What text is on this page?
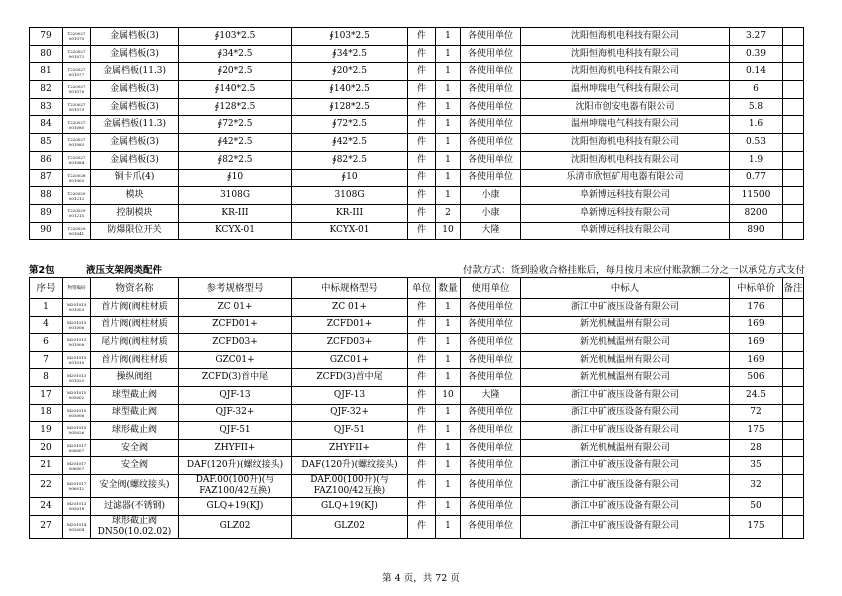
79	T220027 001070	金属档板(3)	∮103*2.5	∮103*2.5	件	1	各使用单位	沈阳恒海机电科技有限公司	3.27	
80	T220027 001072	金属档板(3)	∮34*2.5	∮34*2.5	件	1	各使用单位	沈阳恒海机电科技有限公司	0.39	
81	T220027 001077	金属档板(11.3)	∮20*2.5	∮20*2.5	件	1	各使用单位	沈阳恒海机电科技有限公司	0.14	
82	T220027 001078	金属档板(3)	∮140*2.5	∮140*2.5	件	1	各使用单位	温州坤瑞电气科技有限公司	6	
83	T220027 001079	金属档板(3)	∮128*2.5	∮128*2.5	件	1	各使用单位	沈阳市创安电器有限公司	5.8	
84	T220027 001080	金属档板(11.3)	∮72*2.5	∮72*2.5	件	1	各使用单位	温州坤瑞电气科技有限公司	1.6	
85	T220027 001083	金属档板(3)	∮42*2.5	∮42*2.5	件	1	各使用单位	沈阳恒海机电科技有限公司	0.53	
86	T220027 001084	金属档板(3)	∮82*2.5	∮82*2.5	件	1	各使用单位	沈阳恒海机电科技有限公司	1.9	
87	T220028 001003	铜卡爪(4)	∮10	∮10	件	1	各使用单位	乐清市欣恒矿用电器有限公司	0.77	
88	T220029 001212	模块	3108G	3108G	件	1	小康	阜新博远科技有限公司	11500	
89	T220029 001215	控制模块	KR-III	KR-III	件	2	小康	阜新博远科技有限公司	8200	
90	T220029 001041	防爆限位开关	KCYX-01	KCYX-01	件	10	大隆	阜新博远科技有限公司	890	
第2包	液压支架阀类配件	付款方式：货到验收合格挂账后，每月按月末应付账款额二分之一以承兑方式支付
序号	物资编码	物资名称	参考规格型号	中标规格型号	单位	数量	使用单位	中标人	中标单价	备注
1	M201013 001003	首片阀(阀柱材质	ZC 01+	ZC 01+	件	1	各使用单位	浙江中矿液压设备有限公司	176	
4	M201013 001006	首片阀(阀柱材质	ZCFD01+	ZCFD01+	件	1	各使用单位	新光机械温州有限公司	169	
6	M201013 001008	尾片阀(阀柱材质	ZCFD03+	ZCFD03+	件	1	各使用单位	新光机械温州有限公司	169	
7	M201013 001010	首片阀(阀柱材质	GZC01+	GZC01+	件	1	各使用单位	新光机械温州有限公司	169	
8	M201013 001025	操纵阀组	ZCFD(3)首中尾	ZCFD(3)首中尾	件	1	各使用单位	新光机械温州有限公司	506	
17	M201015 005002	球型截止阀	QJF-13	QJF-13	件	10	大隆	浙江中矿液压设备有限公司	24.5	
18	M201015 005006	球型截止阀	QJF-32+	QJF-32+	件	1	各使用单位	浙江中矿液压设备有限公司	72	
19	M201015 005026	球形截止阀	QJF-51	QJF-51	件	1	各使用单位	浙江中矿液压设备有限公司	175	
20	M201017 006007	安全阀	ZHYFII+	ZHYFII+	件	1	各使用单位	新光机械温州有限公司	28	
21	M201017 006007	安全阀	DAF(120升)(螺纹接头)	DAF(120升)(螺纹接头)	件	1	各使用单位	浙江中矿液压设备有限公司	35	
22	M201017 006012	安全阀(螺纹接头)	DAF.00(100升)(与 FAZ100/42互换)	DAF.00(100升)(与 FAZ100/42互换)	件	1	各使用单位	浙江中矿液压设备有限公司	32	
24	M201013 005018	过滤器(不锈钢)	GLQ+19(KJ)	GLQ+19(KJ)	件	1	各使用单位	浙江中矿液压设备有限公司	50	
27	M201014 002004	球形截止阀 DN50(10.02.02)	GLZ02	GLZ02	件	1	各使用单位	浙江中矿液压设备有限公司	175	
第 4 页，共 72 页
